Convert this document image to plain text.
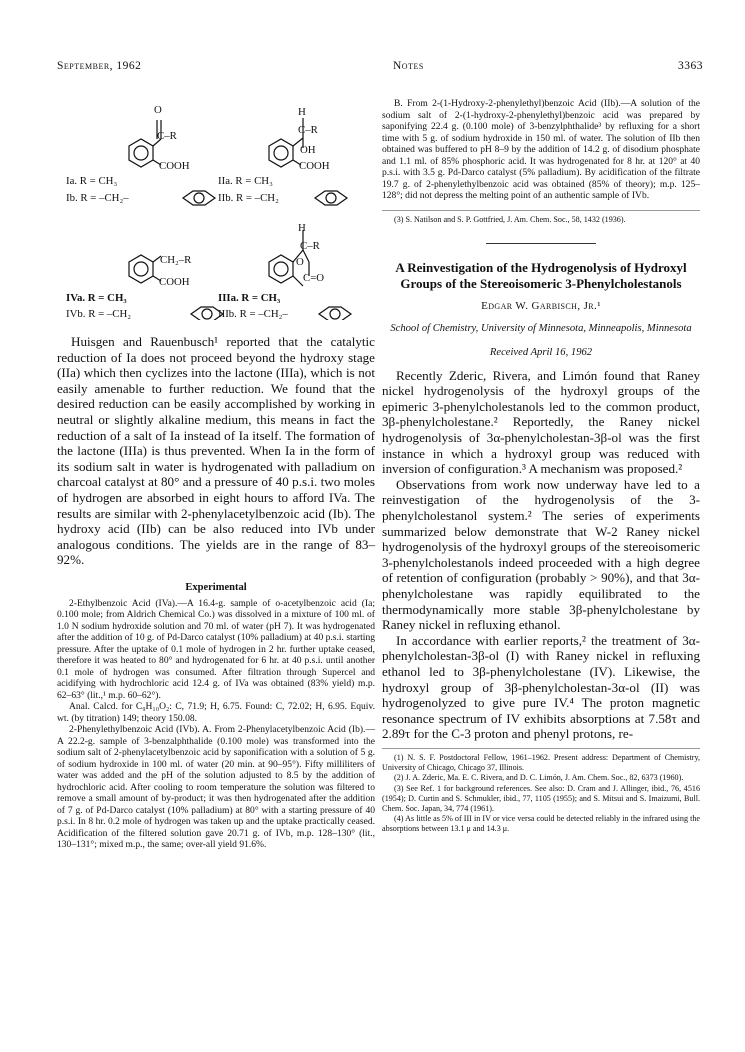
September, 1962	Notes	3363
O
C–R
COOH
Ia. R = CH₃
Ib. R = –CH₂–
H
C–R
OH
COOH
IIa. R = CH₃
IIb. R = –CH₂
CH₂–R
COOH
IVa. R = CH₃
IVb. R = –CH₂
H
C–R
O
C=O
IIIa. R = CH₃
IIIb. R = –CH₂–

Huisgen and Rauenbusch¹ reported that the catalytic reduction of Ia does not proceed beyond the hydroxy stage (IIa) which then cyclizes into the lactone (IIIa), which is not easily amenable to further reduction. We found that the desired reduction can be easily accomplished by working in neutral or slightly alkaline medium, this means in fact the reduction of a salt of Ia instead of Ia itself. The formation of the lactone (IIIa) is thus prevented. When Ia in the form of its sodium salt in water is hydrogenated with palladium on charcoal catalyst at 80° and a pressure of 40 p.s.i. two moles of hydrogen are absorbed in eight hours to afford IVa. The results are similar with 2-phenylacetylbenzoic acid (Ib). The hydroxy acid (IIb) can be also reduced into IVb under analogous conditions. The yields are in the range of 83–92%.

Experimental

2-Ethylbenzoic Acid (IVa).—A 16.4-g. sample of o-acetylbenzoic acid (Ia; 0.100 mole; from Aldrich Chemical Co.) was dissolved in a mixture of 100 ml. of 1.0 N sodium hydroxide solution and 70 ml. of water (pH 7). It was hydrogenated after the addition of 10 g. of Pd-Darco catalyst (10% palladium) at 40 p.s.i. starting pressure. After the uptake of 0.1 mole of hydrogen in 2 hr. further uptake ceased, therefore it was heated to 80° and hydrogenated for 6 hr. at 40 p.s.i. until another 0.1 mole of hydrogen was consumed. After filtration through Supercel and acidifying with hydrochloric acid 12.4 g. of IVa was obtained (83% yield) m.p. 62–63° (lit.,¹ m.p. 60–62°).

Anal. Calcd. for C₉H₁₀O₂: C, 71.9; H, 6.75. Found: C, 72.02; H, 6.95. Equiv. wt. (by titration) 149; theory 150.08.

2-Phenylethylbenzoic Acid (IVb). A. From 2-Phenylacetylbenzoic Acid (Ib).—A 22.2-g. sample of 3-benzalphthalide (0.100 mole) was transformed into the sodium salt of 2-phenylacetylbenzoic acid by saponification with a solution of 5 g. of sodium hydroxide in 100 ml. of water (20 min. at 90–95°). Fifty milliliters of water was added and the pH of the solution adjusted to 8.5 by the addition of hydrochloric acid. After cooling to room temperature the solution was filtered to remove a small amount of by-product; it was then hydrogenated after the addition of 7 g. of Pd-Darco catalyst (10% palladium) at 80° with a starting pressure of 40 p.s.i. In 8 hr. 0.2 mole of hydrogen was taken up and the uptake practically ceased. Acidification of the filtered solution gave 20.71 g. of IVb, m.p. 128–130° (lit., 130–131°; mixed m.p., the same; over-all yield 91.6%.

B. From 2-(1-Hydroxy-2-phenylethyl)benzoic Acid (IIb).—A solution of the sodium salt of 2-(1-hydroxy-2-phenylethyl)benzoic acid was prepared by saponifying 22.4 g. (0.100 mole) of 3-benzylphthalide³ by refluxing for a short time with 5 g. of sodium hydroxide in 150 ml. of water. The solution of IIb then obtained was buffered to pH 8–9 by the addition of 14.2 g. of disodium phosphate and 1.1 ml. of 85% phosphoric acid. It was hydrogenated for 8 hr. at 120° at 40 p.s.i. with 3.5 g. Pd-Darco catalyst (5% palladium). By acidification of the filtrate 19.7 g. of 2-phenylethylbenzoic acid was obtained (85% of theory); m.p. 125–128°; did not depress the melting point of an authentic sample of IVb.

(3) S. Natilson and S. P. Gottfried, J. Am. Chem. Soc., 58, 1432 (1936).

A Reinvestigation of the Hydrogenolysis of Hydroxyl Groups of the Stereoisomeric 3-Phenylcholestanols

Edgar W. Garbisch, Jr.¹

School of Chemistry, University of Minnesota, Minneapolis, Minnesota

Received April 16, 1962

Recently Zderic, Rivera, and Limón found that Raney nickel hydrogenolysis of the hydroxyl groups of the epimeric 3-phenylcholestanols led to the common product, 3β-phenylcholestane.² Reportedly, the Raney nickel hydrogenolysis of 3α-phenylcholestan-3β-ol was the first instance in which a hydroxyl group was reduced with inversion of configuration.³ A mechanism was proposed.²

Observations from work now underway have led to a reinvestigation of the hydrogenolysis of the 3-phenylcholestanol system.² The series of experiments summarized below demonstrate that W-2 Raney nickel hydrogenolysis of the hydroxyl groups of the stereoisomeric 3-phenylcholestanols indeed proceeded with a high degree of retention of configuration (probably > 90%), and that 3α-phenylcholestane was rapidly equilibrated to the thermodynamically more stable 3β-phenylcholestane by Raney nickel in refluxing ethanol.

In accordance with earlier reports,² the treatment of 3α-phenylcholestan-3β-ol (I) with Raney nickel in refluxing ethanol led to 3β-phenylcholestane (IV). Likewise, the hydroxyl group of 3β-phenylcholestan-3α-ol (II) was hydrogenolyzed to give pure IV.⁴ The proton magnetic resonance spectrum of IV exhibits absorptions at 7.58τ and 2.89τ for the C-3 proton and phenyl protons, re-

(1) N. S. F. Postdoctoral Fellow, 1961–1962. Present address: Department of Chemistry, University of Chicago, Chicago 37, Illinois.

(2) J. A. Zderic, Ma. E. C. Rivera, and D. C. Limón, J. Am. Chem. Soc., 82, 6373 (1960).

(3) See Ref. 1 for background references. See also: D. Cram and J. Allinger, ibid., 76, 4516 (1954); D. Curtin and S. Schmukler, ibid., 77, 1105 (1955); and S. Mitsui and S. Imaizumi, Bull. Chem. Soc. Japan, 34, 774 (1961).

(4) As little as 5% of III in IV or vice versa could be detected reliably in the infrared using the absorptions between 13.1 μ and 14.3 μ.
